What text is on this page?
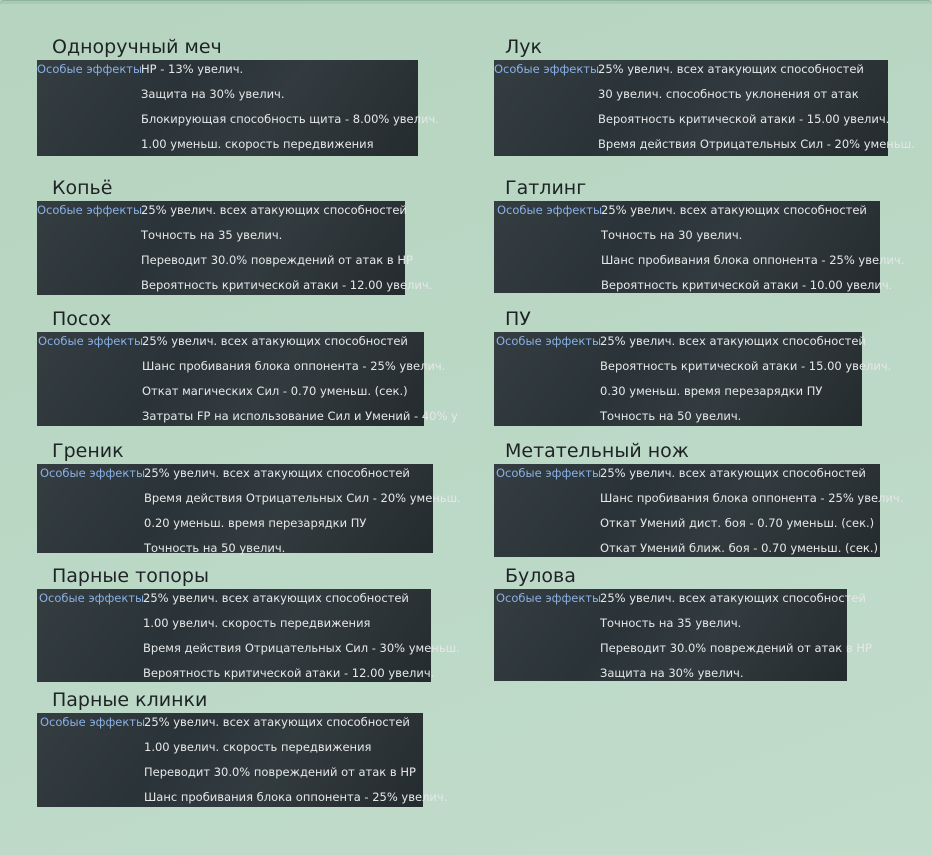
Одноручный меч
Особые эффекты
HP - 13% увелич.
Защита на 30% увелич.
Блокирующая способность щита - 8.00% увелич.
1.00 уменьш. скорость передвижения
Лук
Особые эффекты
25% увелич. всех атакующих способностей
30 увелич. способность уклонения от атак
Вероятность критической атаки - 15.00 увелич.
Время действия Отрицательных Сил - 20% уменьш.
Копьё
Особые эффекты
25% увелич. всех атакующих способностей
Точность на 35 увелич.
Переводит 30.0% повреждений от атак в HP
Вероятность критической атаки - 12.00 увелич.
Гатлинг
Особые эффекты
25% увелич. всех атакующих способностей
Точность на 30 увелич.
Шанс пробивания блока оппонента - 25% увелич.
Вероятность критической атаки - 10.00 увелич.
Посох
Особые эффекты
25% увелич. всех атакующих способностей
Шанс пробивания блока оппонента - 25% увелич.
Откат магических Сил - 0.70 уменьш. (сек.)
Затраты FP на использование Сил и Умений - 40% у
ПУ
Особые эффекты
25% увелич. всех атакующих способностей
Вероятность критической атаки - 15.00 увелич.
0.30 уменьш. время перезарядки ПУ
Точность на 50 увелич.
Греник
Особые эффекты
25% увелич. всех атакующих способностей
Время действия Отрицательных Сил - 20% уменьш.
0.20 уменьш. время перезарядки ПУ
Точность на 50 увелич.
Метательный нож
Особые эффекты
25% увелич. всех атакующих способностей
Шанс пробивания блока оппонента - 25% увелич.
Откат Умений дист. боя - 0.70 уменьш. (сек.)
Откат Умений ближ. боя - 0.70 уменьш. (сек.)
Парные топоры
Особые эффекты
25% увелич. всех атакующих способностей
1.00 увелич. скорость передвижения
Время действия Отрицательных Сил - 30% уменьш.
Вероятность критической атаки - 12.00 увелич.
Булова
Особые эффекты
25% увелич. всех атакующих способностей
Точность на 35 увелич.
Переводит 30.0% повреждений от атак в HP
Защита на 30% увелич.
Парные клинки
Особые эффекты
25% увелич. всех атакующих способностей
1.00 увелич. скорость передвижения
Переводит 30.0% повреждений от атак в HP
Шанс пробивания блока оппонента - 25% увелич.
